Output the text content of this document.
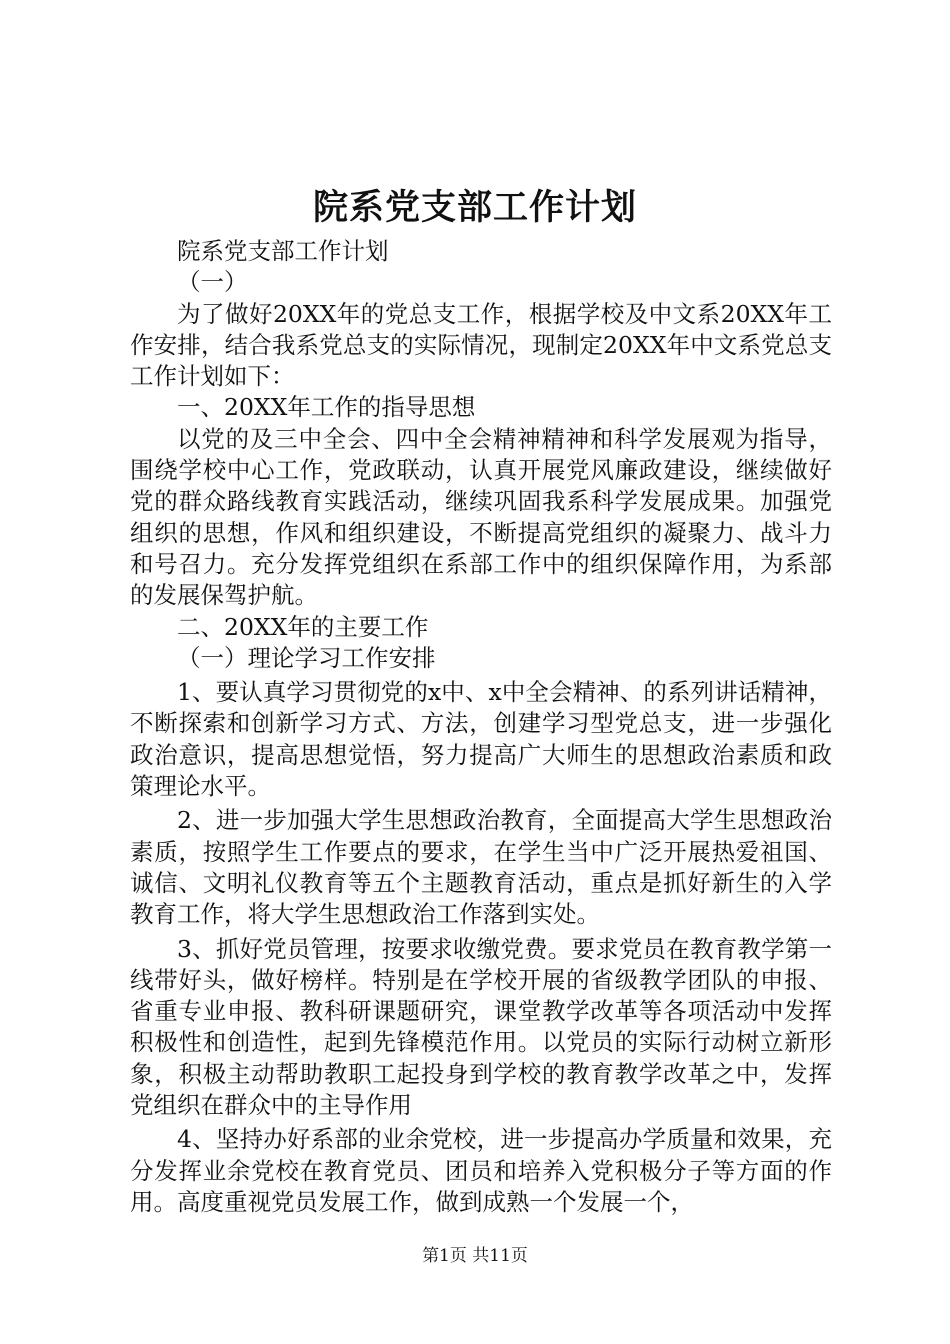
院系党支部工作计划

院系党支部工作计划

（一）

为了做好20XX年的党总支工作，根据学校及中文系20XX年工作安排，结合我系党总支的实际情况，现制定20XX年中文系党总支工作计划如下：

一、20XX年工作的指导思想

以党的及三中全会、四中全会精神精神和科学发展观为指导，围绕学校中心工作，党政联动，认真开展党风廉政建设，继续做好党的群众路线教育实践活动，继续巩固我系科学发展成果。加强党组织的思想，作风和组织建设，不断提高党组织的凝聚力、战斗力和号召力。充分发挥党组织在系部工作中的组织保障作用，为系部的发展保驾护航。

二、20XX年的主要工作

（一）理论学习工作安排

1、要认真学习贯彻党的x中、x中全会精神、的系列讲话精神，不断探索和创新学习方式、方法，创建学习型党总支，进一步强化政治意识，提高思想觉悟，努力提高广大师生的思想政治素质和政策理论水平。

2、进一步加强大学生思想政治教育，全面提高大学生思想政治素质，按照学生工作要点的要求，在学生当中广泛开展热爱祖国、诚信、文明礼仪教育等五个主题教育活动，重点是抓好新生的入学教育工作，将大学生思想政治工作落到实处。

3、抓好党员管理，按要求收缴党费。要求党员在教育教学第一线带好头，做好榜样。特别是在学校开展的省级教学团队的申报、省重专业申报、教科研课题研究，课堂教学改革等各项活动中发挥积极性和创造性，起到先锋模范作用。以党员的实际行动树立新形象，积极主动帮助教职工起投身到学校的教育教学改革之中，发挥党组织在群众中的主导作用

4、坚持办好系部的业余党校，进一步提高办学质量和效果，充分发挥业余党校在教育党员、团员和培养入党积极分子等方面的作用。高度重视党员发展工作，做到成熟一个发展一个，

第1页 共11页
